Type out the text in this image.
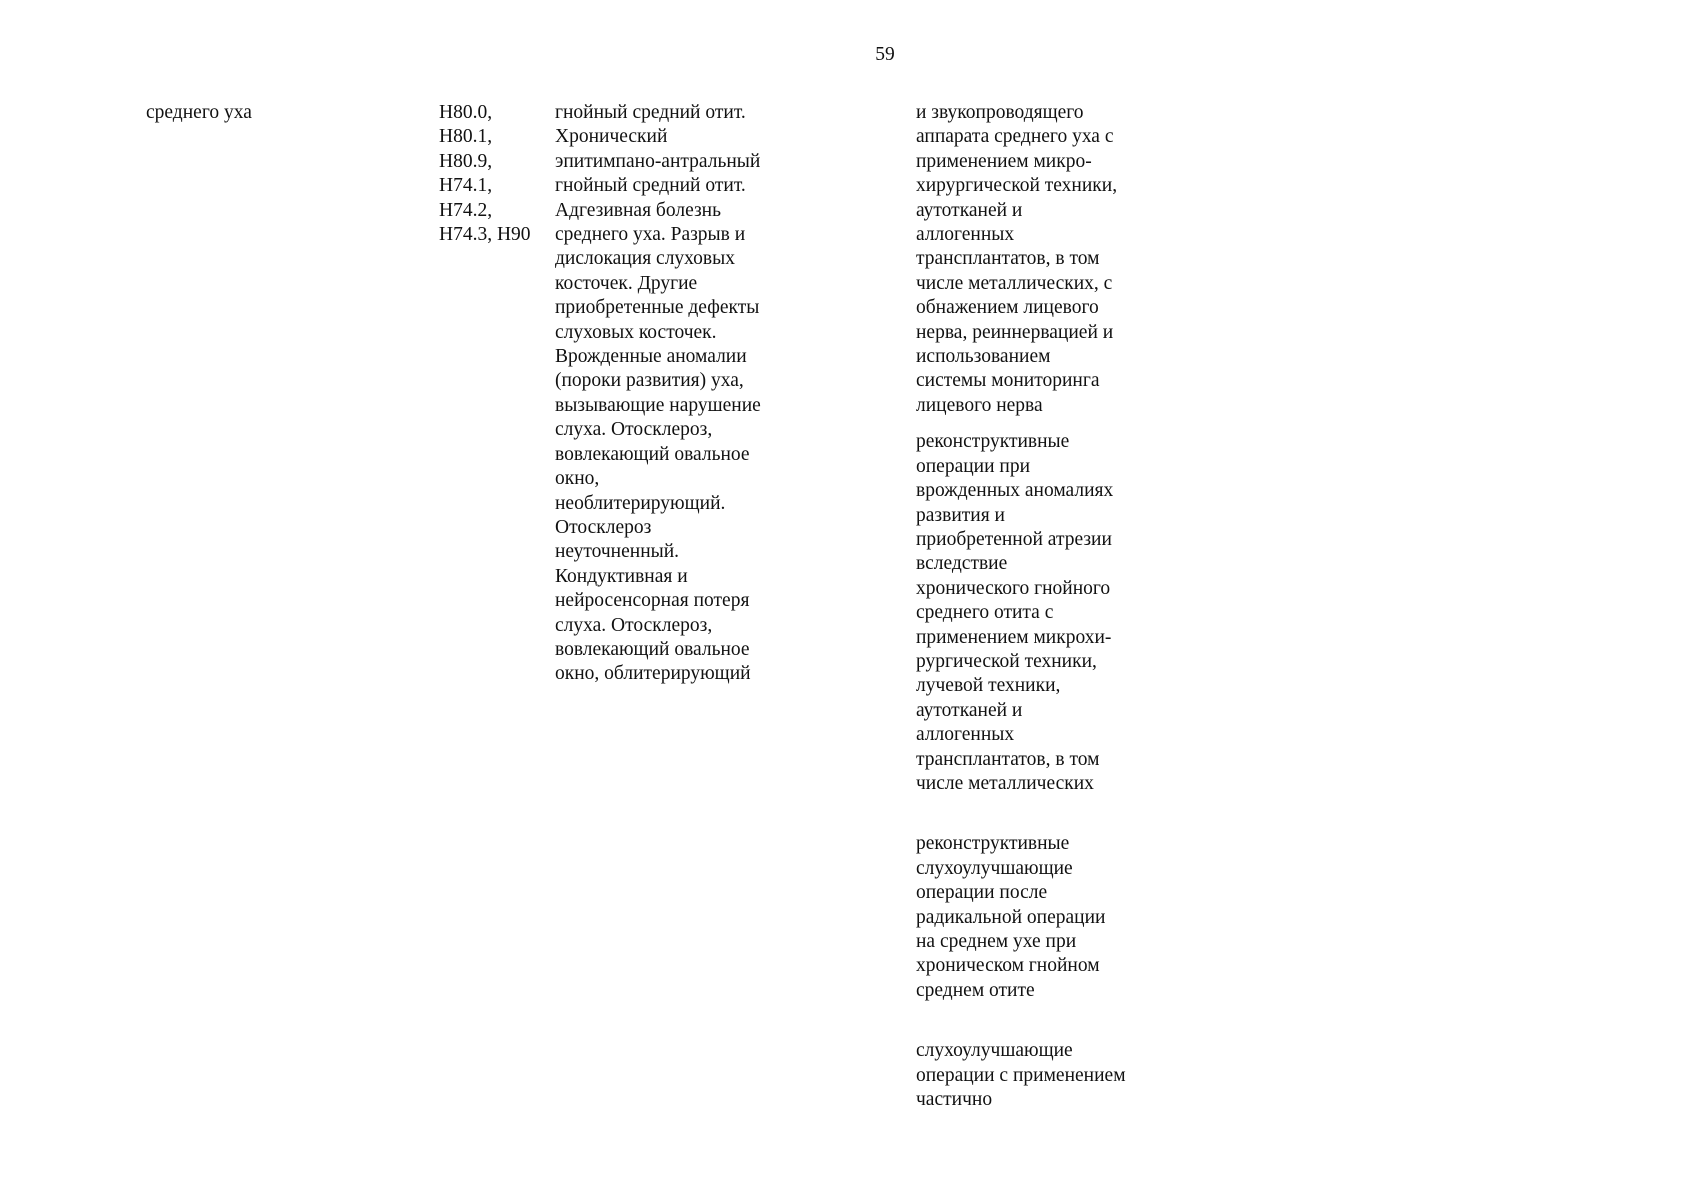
59
среднего уха	H80.0,
H80.1,
H80.9,
H74.1,
H74.2,
H74.3, H90
гнойный средний отит.
Хронический
эпитимпано-антральный
гнойный средний отит.
Адгезивная болезнь
среднего уха. Разрыв и
дислокация слуховых
косточек. Другие
приобретенные дефекты
слуховых косточек.
Врожденные аномалии
(пороки развития) уха,
вызывающие нарушение
слуха. Отосклероз,
вовлекающий овальное
окно,
необлитерирующий.
Отосклероз
неуточненный.
Кондуктивная и
нейросенсорная потеря
слуха. Отосклероз,
вовлекающий овальное
окно, облитерирующий

и звукопроводящего
аппарата среднего уха с
применением микро-
хирургической техники,
аутотканей и
аллогенных
трансплантатов, в том
числе металлических, с
обнажением лицевого
нерва, реиннервацией и
использованием
системы мониторинга
лицевого нерва

реконструктивные
операции при
врожденных аномалиях
развития и
приобретенной атрезии
вследствие
хронического гнойного
среднего отита с
применением микрохи-
рургической техники,
лучевой техники,
аутотканей и
аллогенных
трансплантатов, в том
числе металлических

реконструктивные
слухоулучшающие
операции после
радикальной операции
на среднем ухе при
хроническом гнойном
среднем отите

слухоулучшающие
операции с применением
частично
